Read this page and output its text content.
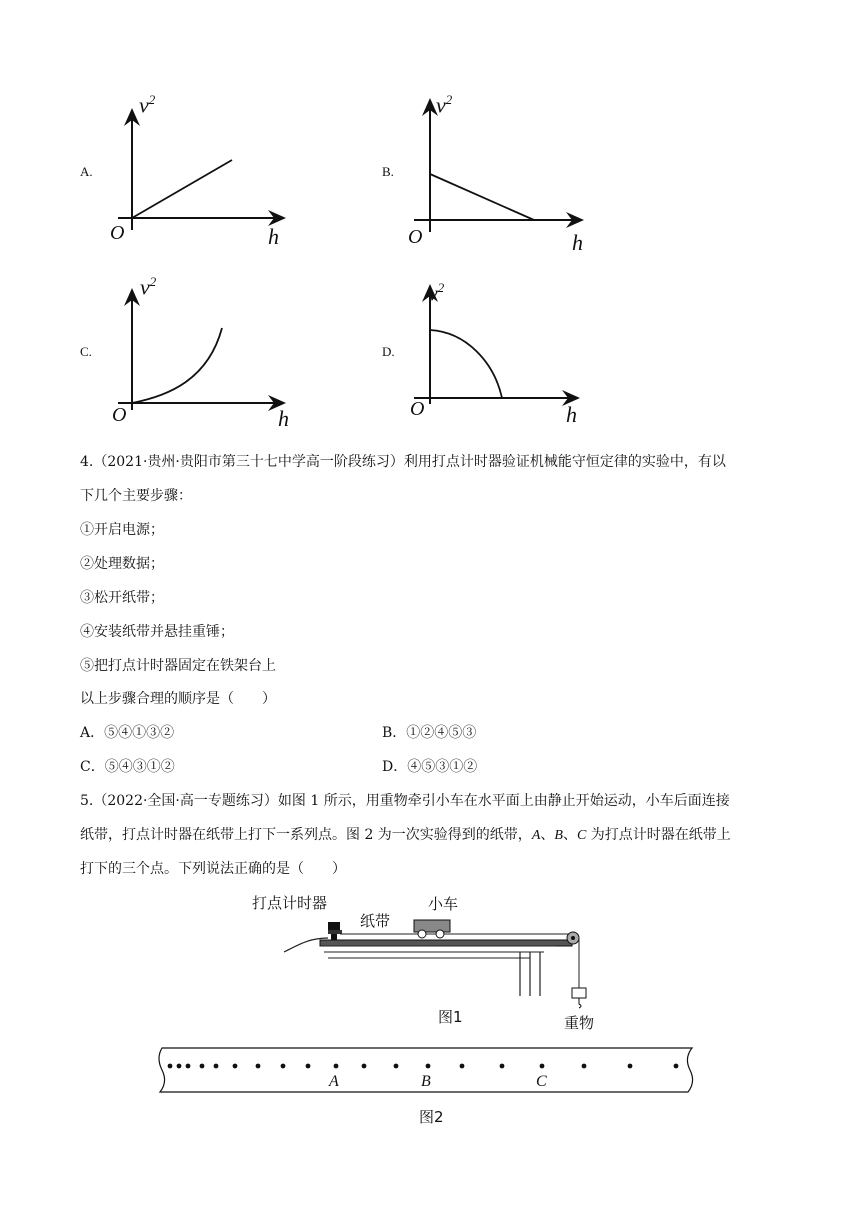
A.
$v^2$
O	h
B.
$v^2$
O	h
C.
$v^2$
O	h
D.
$v^2$
O	h
4.（2021·贵州·贵阳市第三十七中学高一阶段练习）利用打点计时器验证机械能守恒定律的实验中，有以
下几个主要步骤：
①开启电源；
②处理数据；
③松开纸带；
④安装纸带并悬挂重锤；
⑤把打点计时器固定在铁架台上
以上步骤合理的顺序是（　　）
A．⑤④①③②	B．①②④⑤③
C．⑤④③①②	D．④⑤③①②
5.（2022·全国·高一专题练习）如图 1 所示，用重物牵引小车在水平面上由静止开始运动，小车后面连接
纸带，打点计时器在纸带上打下一系列点。图 2 为一次实验得到的纸带，A、B、C 为打点计时器在纸带上
打下的三个点。下列说法正确的是（　　）
打点计时器
纸带
小车
重物
图1
A	B	C
图2
